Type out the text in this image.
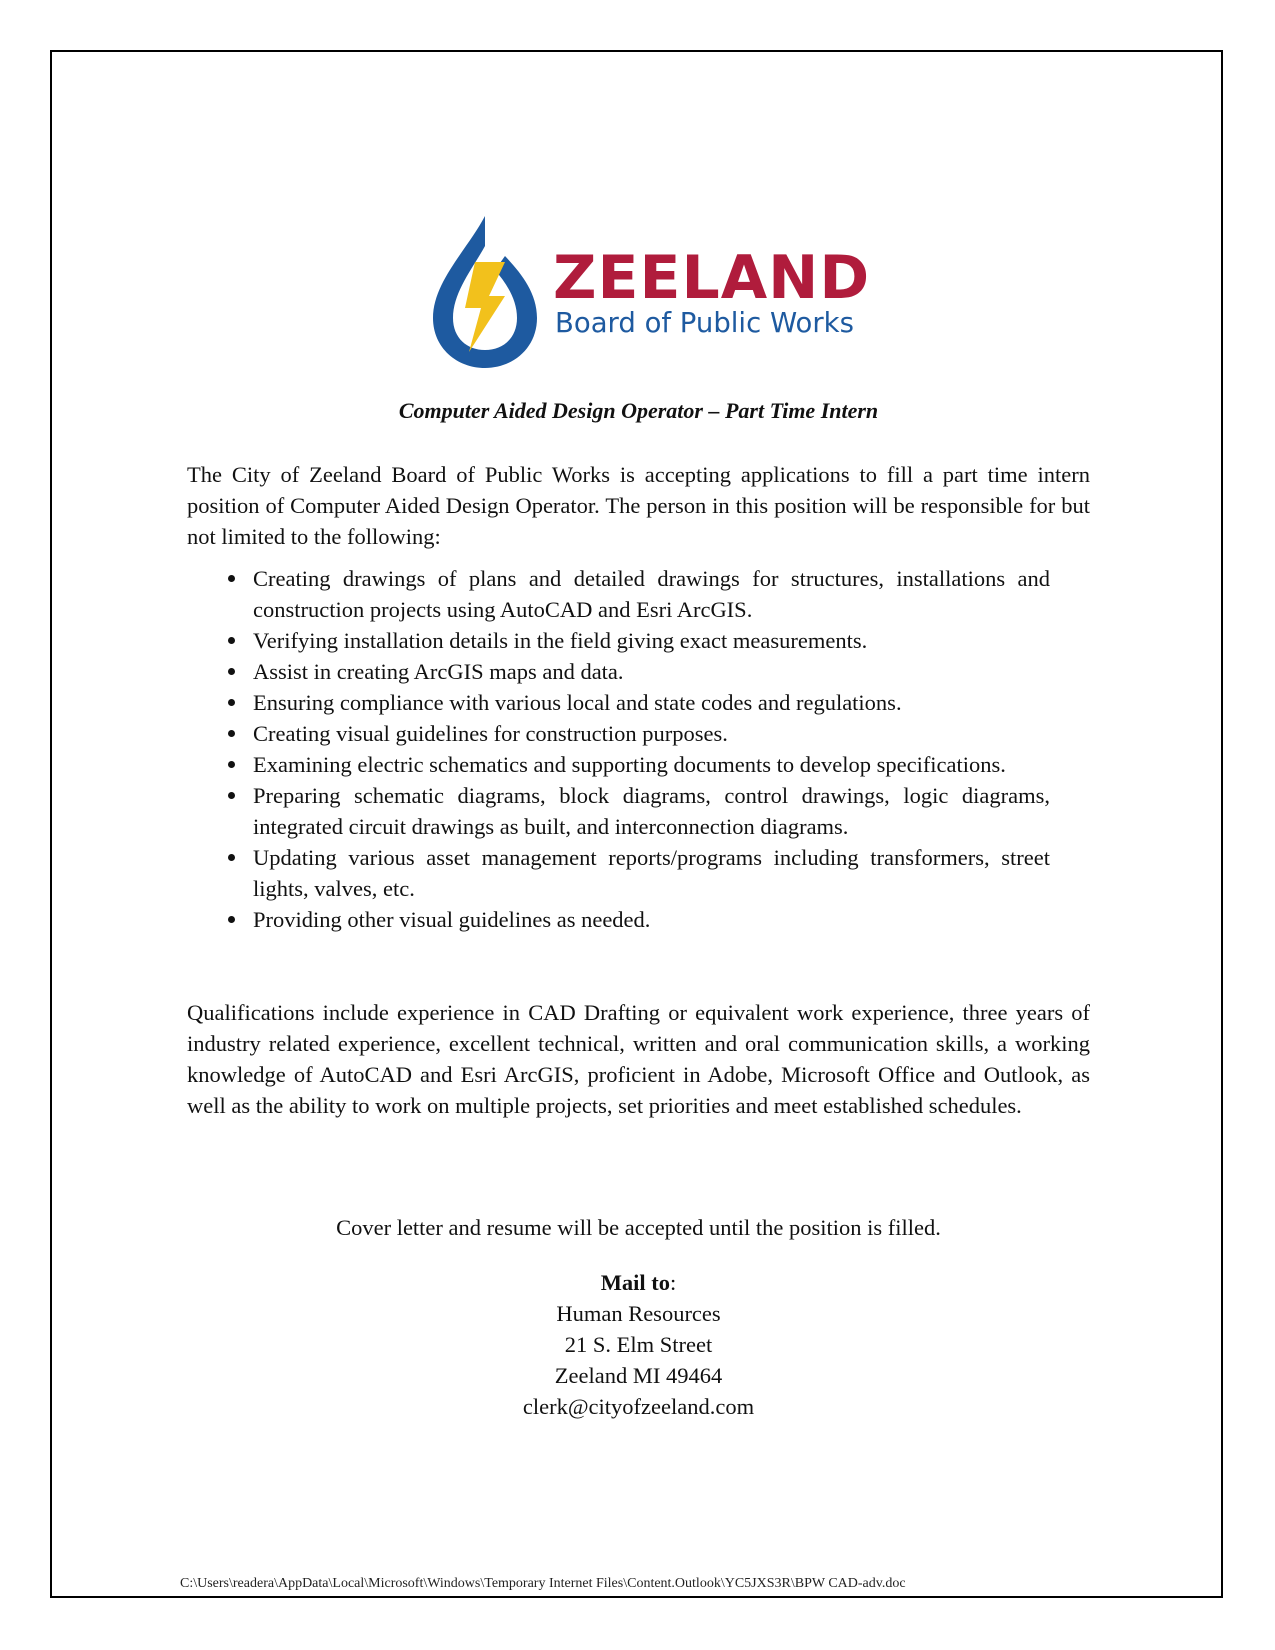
ZEELAND
Board of Public Works
Computer Aided Design Operator – Part Time Intern
The City of Zeeland Board of Public Works is accepting applications to fill a part time intern position of Computer Aided Design Operator. The person in this position will be responsible for but not limited to the following:
Creating drawings of plans and detailed drawings for structures, installations and construction projects using AutoCAD and Esri ArcGIS.
Verifying installation details in the field giving exact measurements.
Assist in creating ArcGIS maps and data.
Ensuring compliance with various local and state codes and regulations.
Creating visual guidelines for construction purposes.
Examining electric schematics and supporting documents to develop specifications.
Preparing schematic diagrams, block diagrams, control drawings, logic diagrams, integrated circuit drawings as built, and interconnection diagrams.
Updating various asset management reports/programs including transformers, street lights, valves, etc.
Providing other visual guidelines as needed.
Qualifications include experience in CAD Drafting or equivalent work experience, three years of industry related experience, excellent technical, written and oral communication skills, a working knowledge of AutoCAD and Esri ArcGIS, proficient in Adobe, Microsoft Office and Outlook, as well as the ability to work on multiple projects, set priorities and meet established schedules.
Cover letter and resume will be accepted until the position is filled.
Mail to:
Human Resources
21 S. Elm Street
Zeeland MI 49464
clerk@cityofzeeland.com
C:\Users\readera\AppData\Local\Microsoft\Windows\Temporary Internet Files\Content.Outlook\YC5JXS3R\BPW CAD-adv.doc
